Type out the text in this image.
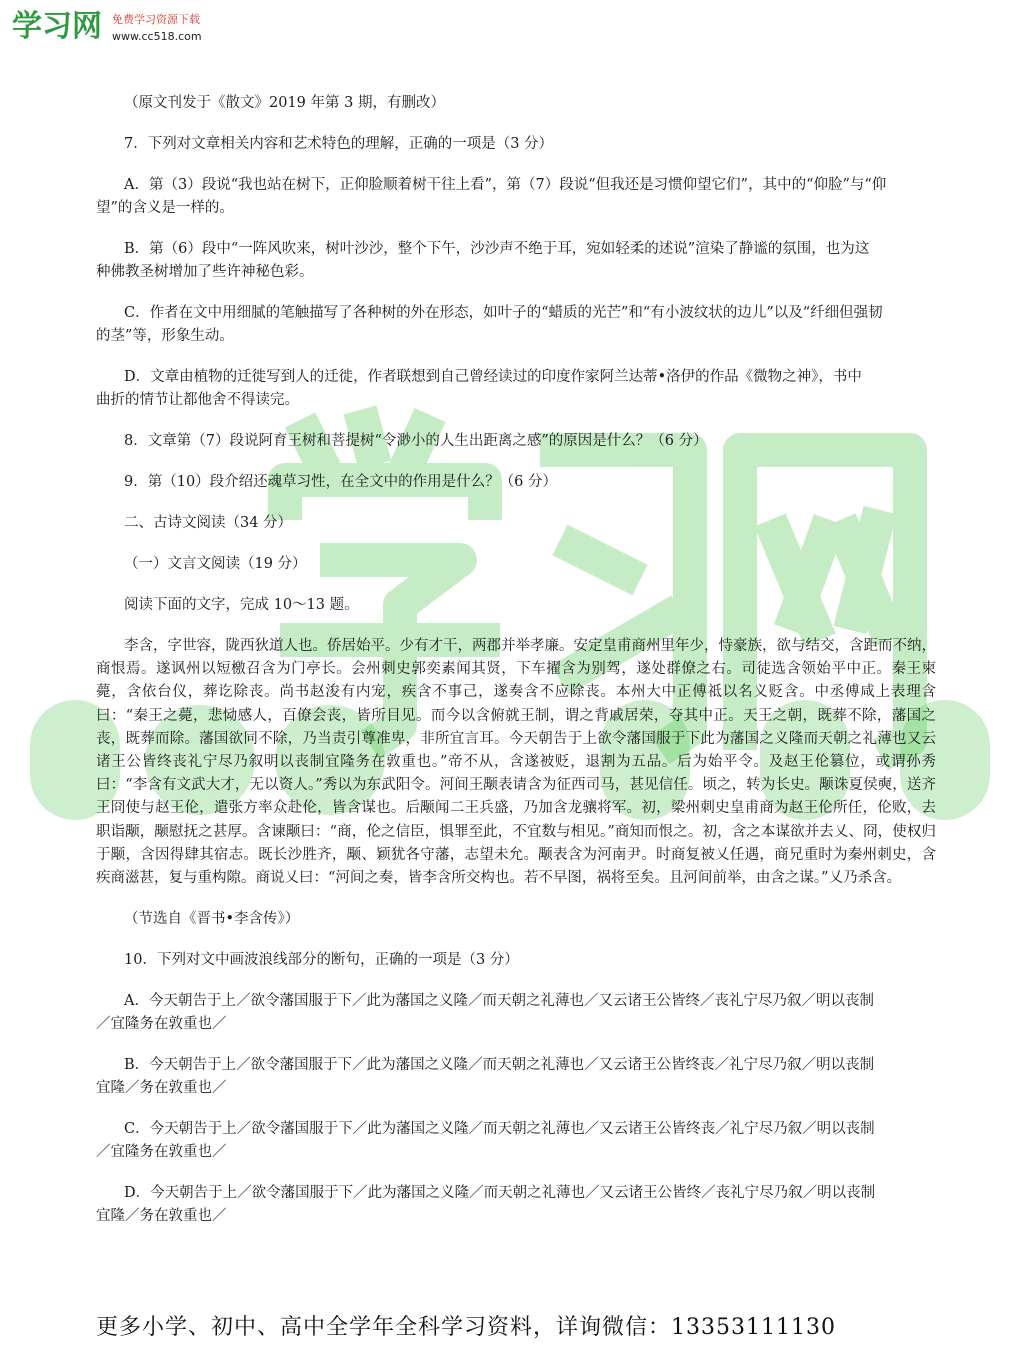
学习网 免费学习资源下载
www.cc518.com

（原文刊发于《散文》2019 年第 3 期，有删改）

7．下列对文章相关内容和艺术特色的理解，正确的一项是（3 分）

A．第（3）段说“我也站在树下，正仰脸顺着树干往上看”，第（7）段说“但我还是习惯仰望它们”，其中的“仰脸”与“仰

望”的含义是一样的。

B．第（6）段中“一阵风吹来，树叶沙沙，整个下午，沙沙声不绝于耳，宛如轻柔的述说”渲染了静谧的氛围，也为这

种佛教圣树增加了些许神秘色彩。

C．作者在文中用细腻的笔触描写了各种树的外在形态，如叶子的“蜡质的光芒”和“有小波纹状的边儿”以及“纤细但强韧

的茎”等，形象生动。

D．文章由植物的迁徙写到人的迁徙，作者联想到自己曾经读过的印度作家阿兰达蒂•洛伊的作品《微物之神》，书中

曲折的情节让都他舍不得读完。

8．文章第（7）段说阿育王树和菩提树“令渺小的人生出距离之感”的原因是什么？（6 分）

9．第（10）段介绍还魂草习性，在全文中的作用是什么？（6 分）

二、古诗文阅读（34 分）

（一）文言文阅读（19 分）

阅读下面的文字，完成 10～13 题。

李含，字世容，陇西狄道人也。侨居始平。少有才干，两郡并举孝廉。安定皇甫商州里年少，恃豪族，欲与结交，含距而不纳，商恨焉。遂讽州以短檄召含为门亭长。会州刺史郭奕素闻其贤，下车擢含为别驾，遂处群僚之右。司徒选含领始平中正。秦王柬薨，含依台仪，葬讫除丧。尚书赵浚有内宠，疾含不事己，遂奏含不应除丧。本州大中正傅祗以名义贬含。中丞傅咸上表理含曰：“秦王之薨，悲恸感人，百僚会丧，皆所目见。而今以含俯就王制，谓之背戚居荣，夺其中正。天王之朝，既葬不除，藩国之丧，既葬而除。藩国欲同不除，乃当责引尊准卑，非所宜言耳。今天朝告于上欲令藩国服于下此为藩国之义隆而天朝之礼薄也又云诸王公皆终丧礼宁尽乃叙明以丧制宜隆务在敦重也。”帝不从，含遂被贬，退割为五品。后为始平令。及赵王伦篡位，或谓孙秀曰：“李含有文武大才，无以资人。”秀以为东武阳令。河间王颙表请含为征西司马，甚见信任。顷之，转为长史。颙诛夏侯奭，送齐王冏使与赵王伦，遣张方率众赴伦，皆含谋也。后颙闻二王兵盛，乃加含龙骧将军。初，梁州刺史皇甫商为赵王伦所任，伦败，去职诣颙，颙慰抚之甚厚。含谏颙曰：“商，伦之信臣，惧罪至此，不宜数与相见。”商知而恨之。初，含之本谋欲并去乂、冏，使权归于颙，含因得肆其宿志。既长沙胜齐，颙、颖犹各守藩，志望未允。颙表含为河南尹。时商复被乂任遇，商兄重时为秦州刺史，含疾商滋甚，复与重构隙。商说乂曰：“河间之奏，皆李含所交构也。若不早图，祸将至矣。且河间前举，由含之谋。”乂乃杀含。

（节选自《晋书•李含传》）

10．下列对文中画波浪线部分的断句，正确的一项是（3 分）

A．今天朝告于上／欲令藩国服于下／此为藩国之义隆／而天朝之礼薄也／又云诸王公皆终／丧礼宁尽乃叙／明以丧制

／宜隆务在敦重也／

B．今天朝告于上／欲令藩国服于下／此为藩国之义隆／而天朝之礼薄也／又云诸王公皆终丧／礼宁尽乃叙／明以丧制

宜隆／务在敦重也／

C．今天朝告于上／欲令藩国服于下／此为藩国之义隆／而天朝之礼薄也／又云诸王公皆终丧／礼宁尽乃叙／明以丧制

／宜隆务在敦重也／

D．今天朝告于上／欲令藩国服于下／此为藩国之义隆／而天朝之礼薄也／又云诸王公皆终／丧礼宁尽乃叙／明以丧制

宜隆／务在敦重也／

更多小学、初中、高中全学年全科学习资料，详询微信：13353111130
